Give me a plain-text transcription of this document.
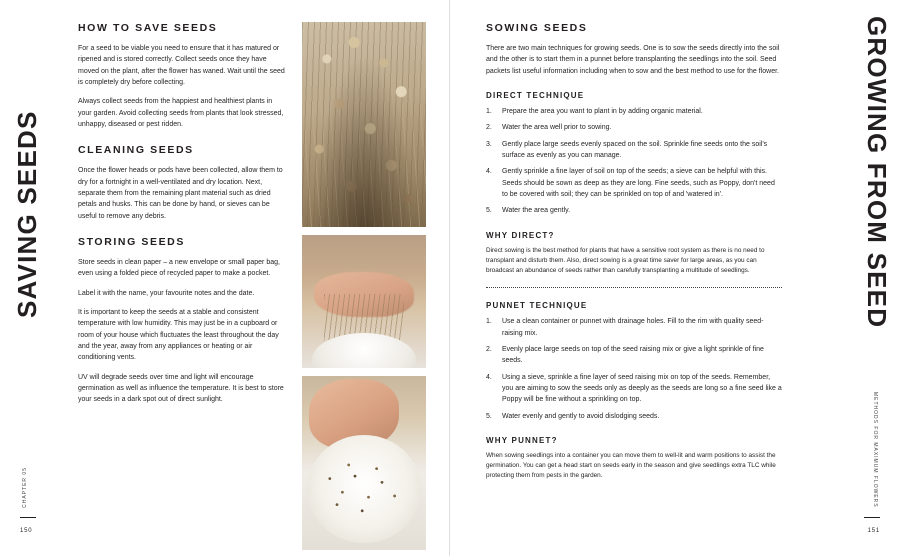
SAVING SEEDS
HOW TO SAVE SEEDS

For a seed to be viable you need to ensure that it has matured or ripened and is stored correctly. Collect seeds once they have moved on the plant, after the flower has waned. Wait until the seed is completely dry before collecting.

Always collect seeds from the happiest and healthiest plants in your garden. Avoid collecting seeds from plants that look stressed, unhappy, diseased or pest ridden.

CLEANING SEEDS

Once the flower heads or pods have been collected, allow them to dry for a fortnight in a well-ventilated and dry location. Next, separate them from the remaining plant material such as dried petals and husks. This can be done by hand, or sieves can be useful to remove any debris.

STORING SEEDS

Store seeds in clean paper – a new envelope or small paper bag, even using a folded piece of recycled paper to make a pocket.

Label it with the name, your favourite notes and the date.

It is important to keep the seeds at a stable and consistent temperature with low humidity. This may just be in a cupboard or room of your house which fluctuates the least throughout the day and the year, away from any appliances or heating or air conditioning vents.

UV will degrade seeds over time and light will encourage germination as well as influence the temperature. It is best to store your seeds in a dark spot out of direct sunlight.

150
CHAPTER 05
GROWING FROM SEED
SOWING SEEDS

There are two main techniques for growing seeds. One is to sow the seeds directly into the soil and the other is to start them in a punnet before transplanting the seedlings into the soil. Seed packets list useful information including when to sow and the best method to use for the flower.

DIRECT TECHNIQUE
1.	Prepare the area you want to plant in by adding organic material.
2.	Water the area well prior to sowing.
3.	Gently place large seeds evenly spaced on the soil. Sprinkle fine seeds onto the soil's surface as evenly as you can manage.
4.	Gently sprinkle a fine layer of soil on top of the seeds; a sieve can be helpful with this. Seeds should be sown as deep as they are long. Fine seeds, such as Poppy, don't need to be covered with soil; they can be sprinkled on top of and 'watered in'.
5.	Water the area gently.
WHY DIRECT?

Direct sowing is the best method for plants that have a sensitive root system as there is no need to transplant and disturb them. Also, direct sowing is a great time saver for large areas, as you can broadcast an abundance of seeds rather than carefully transplanting a multitude of seedlings.

PUNNET TECHNIQUE
1.	Use a clean container or punnet with drainage holes. Fill to the rim with quality seed-raising mix.
2.	Evenly place large seeds on top of the seed raising mix or give a light sprinkle of fine seeds.
4.	Using a sieve, sprinkle a fine layer of seed raising mix on top of the seeds. Remember, you are aiming to sow the seeds only as deeply as the seeds are long so a fine seed like a Poppy will be fine without a sprinkling on top.
5.	Water evenly and gently to avoid dislodging seeds.
WHY PUNNET?

When sowing seedlings into a container you can move them to well-lit and warm positions to assist the germination. You can get a head start on seeds early in the season and give seedlings extra TLC while protecting them from pests in the garden.

151
METHODS FOR MAXIMUM FLOWERS
